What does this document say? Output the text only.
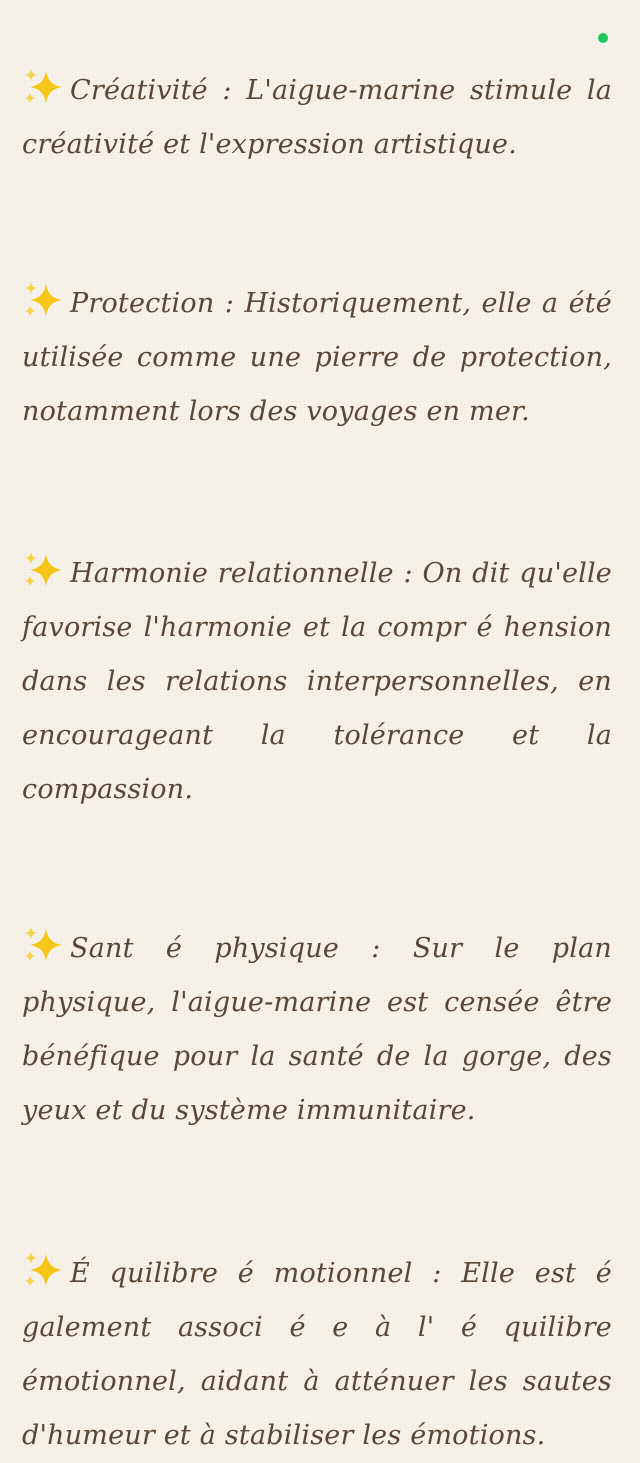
Créativité : L'aigue-marine stimule la créativité et l'expression artistique.
Protection : Historiquement, elle a été utilisée comme une pierre de protection, notamment lors des voyages en mer.
Harmonie relationnelle : On dit qu'elle favorise l'harmonie et la compr é hension dans les relations interpersonnelles, en encourageant la tolérance et la compassion.
Sant é physique : Sur le plan physique, l'aigue-marine est censée être bénéfique pour la santé de la gorge, des yeux et du système immunitaire.
É quilibre é motionnel : Elle est é galement associ é e à l' é quilibre émotionnel, aidant à atténuer les sautes d'humeur et à stabiliser les émotions.
